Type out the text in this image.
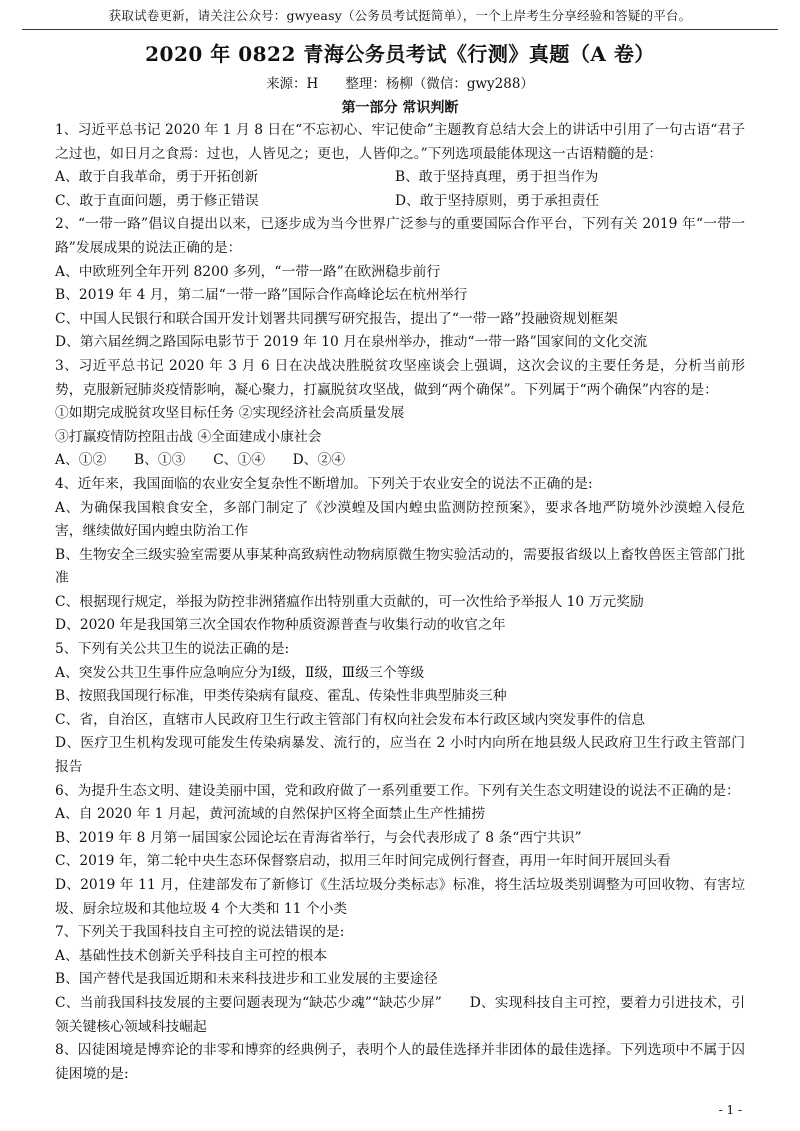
获取试卷更新，请关注公众号：gwyeasy（公务员考试挺简单），一个上岸考生分享经验和答疑的平台。
2020 年 0822 青海公务员考试《行测》真题（A 卷）
来源：H　　整理：杨柳（微信：gwy288）
第一部分 常识判断

1、习近平总书记 2020 年 1 月 8 日在“不忘初心、牢记使命”主题教育总结大会上的讲话中引用了一句古语“君子之过也，如日月之食焉：过也，人皆见之；更也，人皆仰之。”下列选项最能体现这一古语精髓的是：

A、敢于自我革命，勇于开拓创新	B、敢于坚持真理，勇于担当作为
C、敢于直面问题，勇于修正错误	D、敢于坚持原则，勇于承担责任

2、“一带一路”倡议自提出以来，已逐步成为当今世界广泛参与的重要国际合作平台，下列有关 2019 年“一带一路”发展成果的说法正确的是：

A、中欧班列全年开列 8200 多列，“一带一路”在欧洲稳步前行

B、2019 年 4 月，第二届“一带一路”国际合作高峰论坛在杭州举行

C、中国人民银行和联合国开发计划署共同撰写研究报告，提出了“一带一路”投融资规划框架

D、第六届丝绸之路国际电影节于 2019 年 10 月在泉州举办，推动“一带一路”国家间的文化交流

3、习近平总书记 2020 年 3 月 6 日在决战决胜脱贫攻坚座谈会上强调，这次会议的主要任务是，分析当前形势，克服新冠肺炎疫情影响，凝心聚力，打赢脱贫攻坚战，做到“两个确保”。下列属于“两个确保”内容的是：

①如期完成脱贫攻坚目标任务 ②实现经济社会高质量发展

③打赢疫情防控阻击战 ④全面建成小康社会

A、①②　　B、①③　　C、①④　　D、②④

4、近年来，我国面临的农业安全复杂性不断增加。下列关于农业安全的说法不正确的是:

A、为确保我国粮食安全，多部门制定了《沙漠蝗及国内蝗虫监测防控预案》，要求各地严防境外沙漠蝗入侵危害，继续做好国内蝗虫防治工作

B、生物安全三级实验室需要从事某种高致病性动物病原微生物实验活动的，需要报省级以上畜牧兽医主管部门批准

C、根据现行规定，举报为防控非洲猪瘟作出特别重大贡献的，可一次性给予举报人 10 万元奖励

D、2020 年是我国第三次全国农作物种质资源普查与收集行动的收官之年

5、下列有关公共卫生的说法正确的是:

A、突发公共卫生事件应急响应分为Ⅰ级，Ⅱ级，Ⅲ级三个等级

B、按照我国现行标准，甲类传染病有鼠疫、霍乱、传染性非典型肺炎三种

C、省，自治区，直辖市人民政府卫生行政主管部门有权向社会发布本行政区域内突发事件的信息

D、医疗卫生机构发现可能发生传染病暴发、流行的，应当在 2 小时内向所在地县级人民政府卫生行政主管部门报告

6、为提升生态文明、建设美丽中国，党和政府做了一系列重要工作。下列有关生态文明建设的说法不正确的是：

A、自 2020 年 1 月起，黄河流域的自然保护区将全面禁止生产性捕捞

B、2019 年 8 月第一届国家公园论坛在青海省举行，与会代表形成了 8 条“西宁共识”

C、2019 年，第二轮中央生态环保督察启动，拟用三年时间完成例行督查，再用一年时间开展回头看

D、2019 年 11 月，住建部发布了新修订《生活垃圾分类标志》标准，将生活垃圾类别调整为可回收物、有害垃圾、厨余垃圾和其他垃圾 4 个大类和 11 个小类

7、下列关于我国科技自主可控的说法错误的是:

A、基础性技术创新关乎科技自主可控的根本

B、国产替代是我国近期和未来科技进步和工业发展的主要途径

C、当前我国科技发展的主要问题表现为“缺芯少魂”“缺芯少屏”　　D、实现科技自主可控，要着力引进技术，引领关键核心领域科技崛起

8、囚徒困境是博弈论的非零和博弈的经典例子，表明个人的最佳选择并非团体的最佳选择。下列选项中不属于囚徒困境的是:

- 1 -
